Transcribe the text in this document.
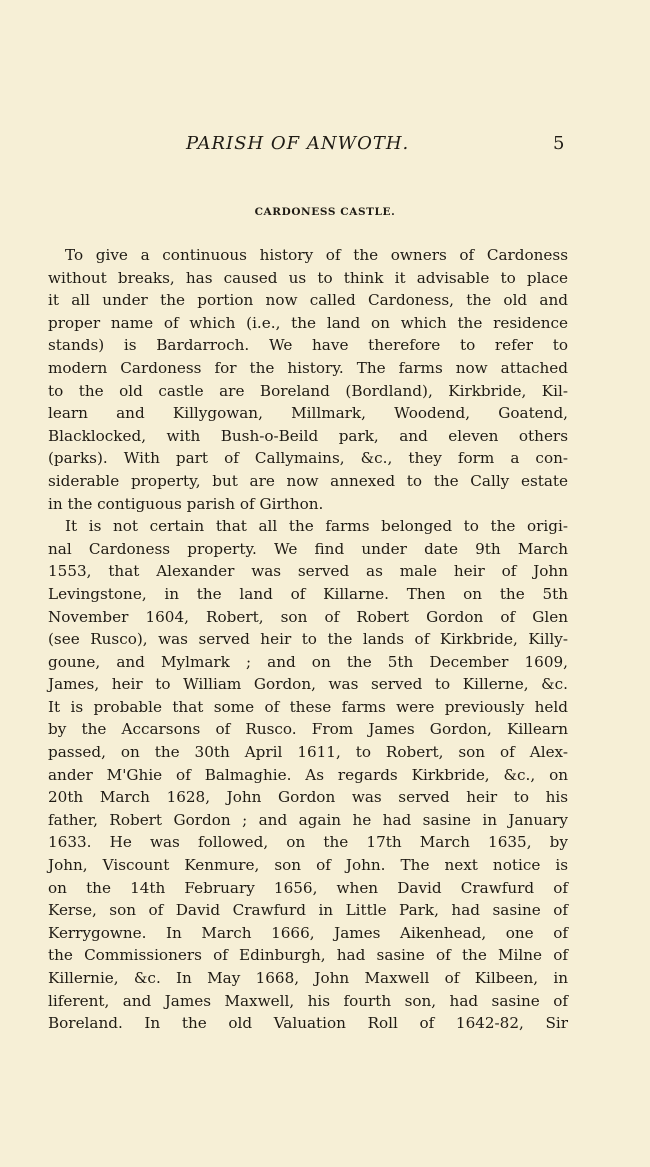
PARISH OF ANWOTH.	5
CARDONESS CASTLE.
To give a continuous history of the owners of Cardoness
without breaks, has caused us to think it advisable to place
it all under the portion now called Cardoness, the old and
proper name of which (i.e., the land on which the residence
stands) is Bardarroch. We have therefore to refer to
modern Cardoness for the history. The farms now attached
to the old castle are Boreland (Bordland), Kirkbride, Kil-
learn and Killygowan, Millmark, Woodend, Goatend,
Blacklocked, with Bush-o-Beild park, and eleven others
(parks). With part of Callymains, &c., they form a con-
siderable property, but are now annexed to the Cally estate
in the contiguous parish of Girthon.
It is not certain that all the farms belonged to the origi-
nal Cardoness property. We find under date 9th March
1553, that Alexander was served as male heir of John
Levingstone, in the land of Killarne. Then on the 5th
November 1604, Robert, son of Robert Gordon of Glen
(see Rusco), was served heir to the lands of Kirkbride, Killy-
goune, and Mylmark ; and on the 5th December 1609,
James, heir to William Gordon, was served to Killerne, &c.
It is probable that some of these farms were previously held
by the Accarsons of Rusco. From James Gordon, Killearn
passed, on the 30th April 1611, to Robert, son of Alex-
ander M'Ghie of Balmaghie. As regards Kirkbride, &c., on
20th March 1628, John Gordon was served heir to his
father, Robert Gordon ; and again he had sasine in January
1633. He was followed, on the 17th March 1635, by
John, Viscount Kenmure, son of John. The next notice is
on the 14th February 1656, when David Crawfurd of
Kerse, son of David Crawfurd in Little Park, had sasine of
Kerrygowne. In March 1666, James Aikenhead, one of
the Commissioners of Edinburgh, had sasine of the Milne of
Killernie, &c. In May 1668, John Maxwell of Kilbeen, in
liferent, and James Maxwell, his fourth son, had sasine of
Boreland. In the old Valuation Roll of 1642-82, Sir
